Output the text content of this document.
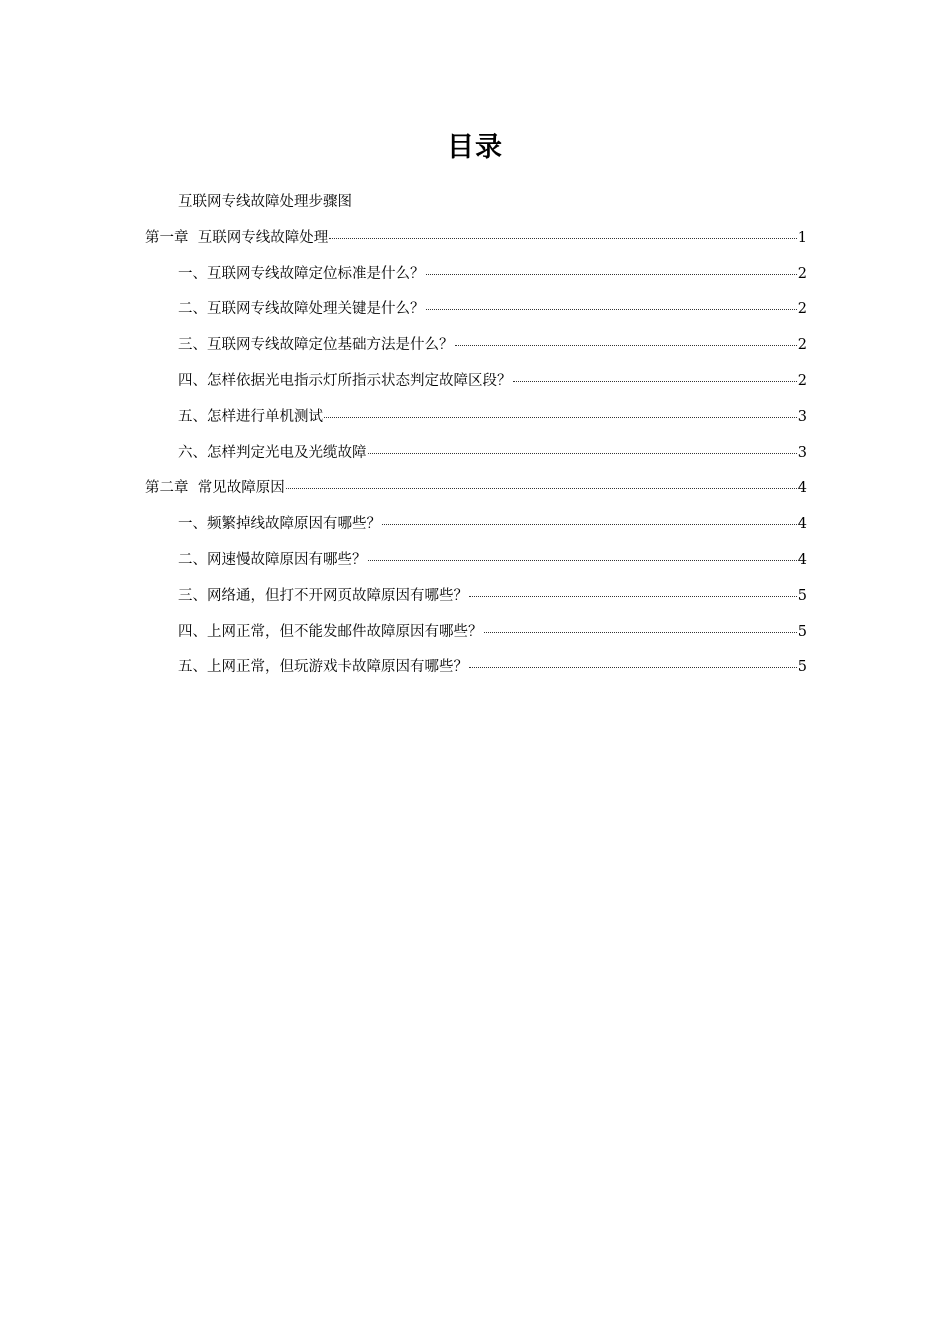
目录
互联网专线故障处理步骤图
第一章  互联网专线故障处理	1
一、互联网专线故障定位标准是什么？	2
二、互联网专线故障处理关键是什么？	2
三、互联网专线故障定位基础方法是什么？	2
四、怎样依据光电指示灯所指示状态判定故障区段？	2
五、怎样进行单机测试	3
六、怎样判定光电及光缆故障	3
第二章  常见故障原因	4
一、频繁掉线故障原因有哪些？	4
二、网速慢故障原因有哪些？	4
三、网络通，但打不开网页故障原因有哪些？	5
四、上网正常，但不能发邮件故障原因有哪些？	5
五、上网正常，但玩游戏卡故障原因有哪些？	5
